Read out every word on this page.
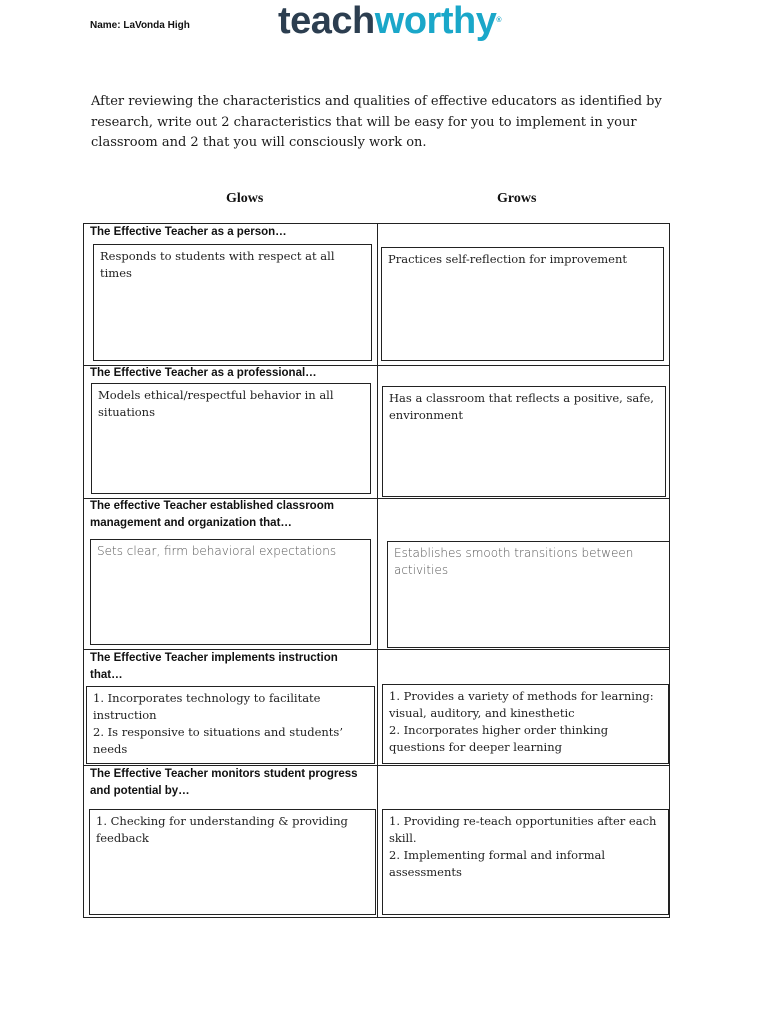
Name: LaVonda High teachworthy®
After reviewing the characteristics and qualities of effective educators as identified by research, write out 2 characteristics that will be easy for you to implement in your classroom and 2 that you will consciously work on.
Glows	Grows
The Effective Teacher as a person…
Responds to students with respect at all times
Practices self-reflection for improvement
The Effective Teacher as a professional…
Models ethical/respectful behavior in all situations
Has a classroom that reflects a positive, safe, environment
The effective Teacher established classroom management and organization that…
Sets clear, firm behavioral expectations	Establishes smooth transitions between activities
The Effective Teacher implements instruction that…
1. Incorporates technology to facilitate instruction
2. Is responsive to situations and students’ needs
1. Provides a variety of methods for learning: visual, auditory, and kinesthetic
2. Incorporates higher order thinking questions for deeper learning
The Effective Teacher monitors student progress and potential by…
1. Checking for understanding & providing feedback
1. Providing re-teach opportunities after each skill.
2. Implementing formal and informal assessments
